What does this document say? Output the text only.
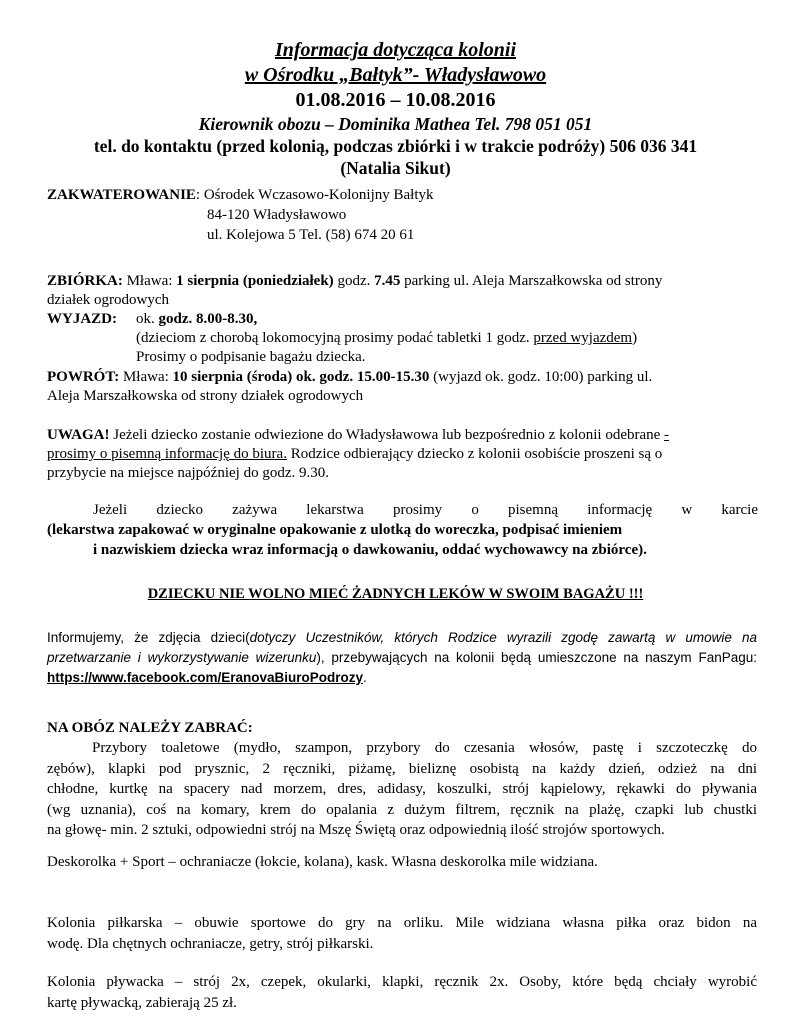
Informacja dotycząca kolonii
w Ośrodku „Bałtyk”- Władysławowo
01.08.2016 – 10.08.2016
Kierownik obozu – Dominika Mathea Tel. 798 051 051
tel. do kontaktu (przed kolonią, podczas zbiórki i w trakcie podróży) 506 036 341
(Natalia Sikut)
ZAKWATEROWANIE: Ośrodek Wczasowo-Kolonijny Bałtyk
84-120 Władysławowo
ul. Kolejowa 5 Tel. (58) 674 20 61
ZBIÓRKA: Mława: 1 sierpnia (poniedziałek) godz. 7.45 parking ul. Aleja Marszałkowska od strony
działek ogrodowych
WYJAZD: ok. godz. 8.00-8.30,
(dzieciom z chorobą lokomocyjną prosimy podać tabletki 1 godz. przed wyjazdem)
Prosimy o podpisanie bagażu dziecka.
POWRÓT: Mława: 10 sierpnia (środa) ok. godz. 15.00-15.30 (wyjazd ok. godz. 10:00) parking ul.
Aleja Marszałkowska od strony działek ogrodowych
UWAGA! Jeżeli dziecko zostanie odwiezione do Władysławowa lub bezpośrednio z kolonii odebrane -
prosimy o pisemną informację do biura. Rodzice odbierający dziecko z kolonii osobiście proszeni są o
przybycie na miejsce najpóźniej do godz. 9.30.
Jeżeli dziecko zażywa lekarstwa prosimy o pisemną informację w karcie
(lekarstwa zapakować w oryginalne opakowanie z ulotką do woreczka, podpisać imieniem
i nazwiskiem dziecka wraz informacją o dawkowaniu, oddać wychowawcy na zbiórce).
DZIECKU NIE WOLNO MIEĆ ŻADNYCH LEKÓW W SWOIM BAGAŻU !!!
Informujemy, że zdjęcia dzieci(dotyczy Uczestników, których Rodzice wyrazili zgodę zawartą w umowie na
przetwarzanie i wykorzystywanie wizerunku), przebywających na kolonii będą umieszczone na naszym FanPagu:
https://www.facebook.com/EranovaBiuroPodrozy.
NA OBÓZ NALEŻY ZABRAĆ:
Przybory toaletowe (mydło, szampon, przybory do czesania włosów, pastę i szczoteczkę do
zębów), klapki pod prysznic, 2 ręczniki, piżamę, bieliznę osobistą na każdy dzień, odzież na dni
chłodne, kurtkę na spacery nad morzem, dres, adidasy, koszulki, strój kąpielowy, rękawki do pływania
(wg uznania), coś na komary, krem do opalania z dużym filtrem, ręcznik na plażę, czapki lub chustki
na głowę- min. 2 sztuki, odpowiedni strój na Mszę Świętą oraz odpowiednią ilość strojów sportowych.
Deskorolka + Sport – ochraniacze (łokcie, kolana), kask. Własna deskorolka mile widziana.
Kolonia piłkarska – obuwie sportowe do gry na orliku. Mile widziana własna piłka oraz bidon na
wodę. Dla chętnych ochraniacze, getry, strój piłkarski.
Kolonia pływacka – strój 2x, czepek, okularki, klapki, ręcznik 2x. Osoby, które będą chciały wyrobić
kartę pływacką, zabierają 25 zł.
